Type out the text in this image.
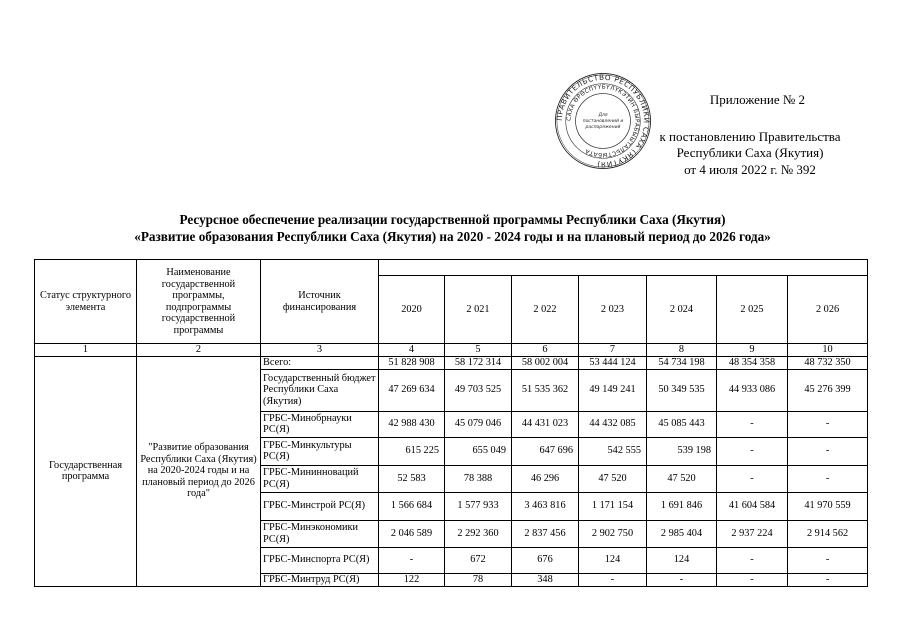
ПРАВИТЕЛЬСТВО РЕСПУБЛИКИ САХА (ЯКУТИЯ)
САХА ӨРӨСПҮҮБҮЛҮКЭТИН БЫРАБЫЫТАЛЬСТЫБАТА
Для
постановлений и
распоряжений
Приложение № 2
к постановлению Правительства
Республики Саха (Якутия)
от 4 июля 2022 г. № 392
Ресурсное обеспечение реализации государственной программы Республики Саха (Якутия)
«Развитие образования Республики Саха (Якутия) на 2020 - 2024 годы и на плановый период до 2026 года»
Статус структурного элемента	Наименование государственной программы, подпрограммы государственной программы	Источник финансирования							
			2020	2 021	2 022	2 023	2 024	2 025	2 026
1	2	3	4	5	6	7	8	9	10
Государственная программа	"Развитие образования Республики Саха (Якутия) на 2020-2024 годы и на плановый период до 2026 года"	Всего:	51 828 908	58 172 314	58 002 004	53 444 124	54 734 198	48 354 358	48 732 350
		Государственный бюджет Республики Саха (Якутия)	47 269 634	49 703 525	51 535 362	49 149 241	50 349 535	44 933 086	45 276 399
		ГРБС-Минобрнауки РС(Я)	42 988 430	45 079 046	44 431 023	44 432 085	45 085 443	-	-
		ГРБС-Минкультуры РС(Я)	615 225	655 049	647 696	542 555	539 198	-	-
		ГРБС-Мининноваций РС(Я)	52 583	78 388	46 296	47 520	47 520	-	-
		ГРБС-Минстрой РС(Я)	1 566 684	1 577 933	3 463 816	1 171 154	1 691 846	41 604 584	41 970 559
		ГРБС-Минэкономики РС(Я)	2 046 589	2 292 360	2 837 456	2 902 750	2 985 404	2 937 224	2 914 562
		ГРБС-Минспорта РС(Я)	-	672	676	124	124	-	-
		ГРБС-Минтруд РС(Я)	122	78	348	-	-	-	-
